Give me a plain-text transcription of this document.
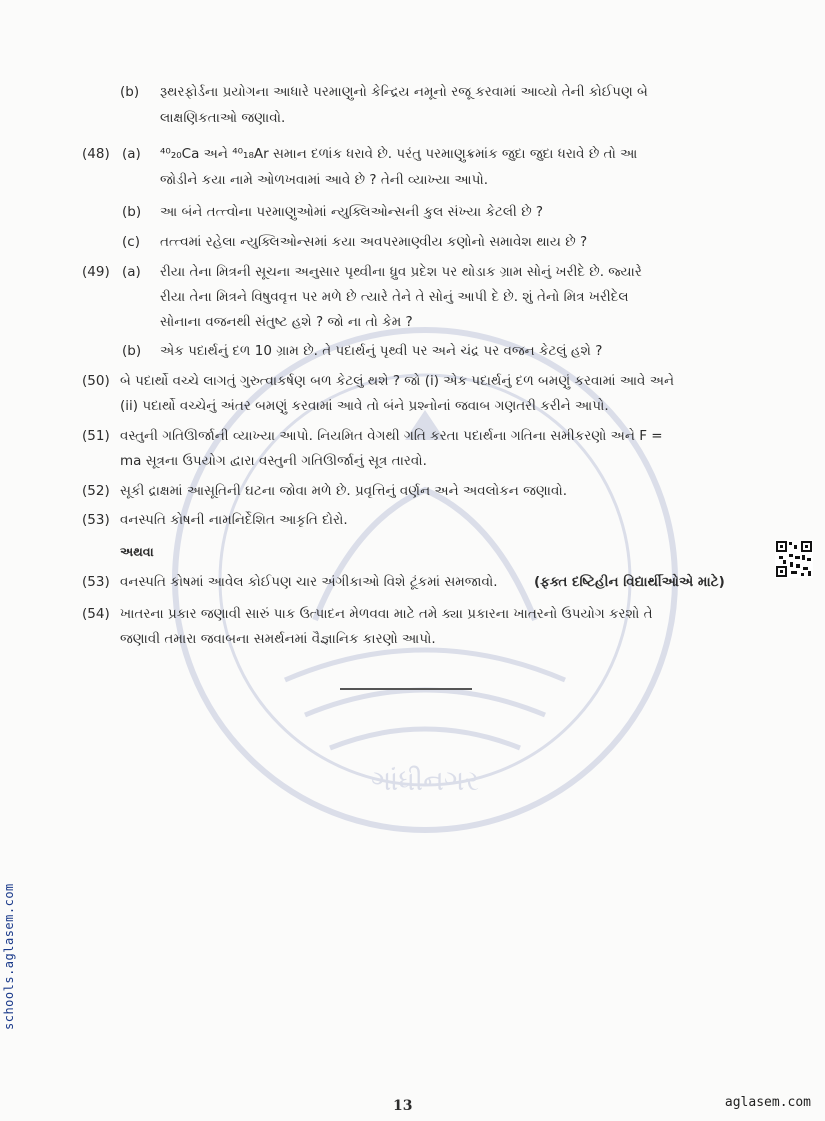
ગાંધીનગર
(b) રૂથરફોર્ડના પ્રયોગના આધારે પરમાણુનો કેન્દ્રિય નમૂનો રજૂ કરવામાં આવ્યો તેની કોઈપણ બે
લાક્ષણિકતાઓ જણાવો.
(48) (a) ⁴⁰₂₀Ca અને ⁴⁰₁₈Ar સમાન દળાંક ધરાવે છે. પરંતુ પરમાણુક્રમાંક જુદા જુદા ધરાવે છે તો આ
જોડીને કયા નામે ઓળખવામાં આવે છે ? તેની વ્યાખ્યા આપો.
(b) આ બંને તત્ત્વોના પરમાણુઓમાં ન્યુક્લિઓન્સની કુલ સંખ્યા કેટલી છે ?
(c) તત્ત્વમાં રહેલા ન્યુક્લિઓન્સમાં કયા અવપરમાણ્વીય કણોનો સમાવેશ થાય છે ?
(49) (a) રીયા તેના મિત્રની સૂચના અનુસાર પૃથ્વીના ધ્રુવ પ્રદેશ પર થોડાક ગ્રામ સોનું ખરીદે છે. જ્યારે
રીયા તેના મિત્રને વિષુવવૃત્ત પર મળે છે ત્યારે તેને તે સોનું આપી દે છે. શું તેનો મિત્ર ખરીદેલ
સોનાના વજનથી સંતુષ્ટ હશે ? જો ના તો કેમ ?
(b) એક પદાર્થનું દળ 10 ગ્રામ છે. તે પદાર્થનું પૃથ્વી પર અને ચંદ્ર પર વજન કેટલું હશે ?
(50) બે પદાર્થો વચ્ચે લાગતું ગુરુત્વાકર્ષણ બળ કેટલું થશે ? જો (i) એક પદાર્થનું દળ બમણું કરવામાં આવે અને
(ii) પદાર્થો વચ્ચેનું અંતર બમણું કરવામાં આવે તો બંને પ્રશ્નોનાં જવાબ ગણતરી કરીને આપો.
(51) વસ્તુની ગતિઊર્જાની વ્યાખ્યા આપો. નિયમિત વેગથી ગતિ કરતા પદાર્થના ગતિના સમીકરણો અને F =
ma સૂત્રના ઉપયોગ દ્વારા વસ્તુની ગતિઊર્જાનું સૂત્ર તારવો.
(52) સૂકી દ્રાક્ષમાં આસૂતિની ઘટના જોવા મળે છે. પ્રવૃત્તિનું વર્ણન અને અવલોકન જણાવો.
(53) વનસ્પતિ કોષની નામનિર્દેશિત આકૃતિ દોરો.
અથવા
(53) વનસ્પતિ કોષમાં આવેલ કોઈપણ ચાર અંગીકાઓ વિશે ટૂંકમાં સમજાવો.	(ફક્ત દષ્ટિહીન વિદ્યાર્થીઓએ માટે)
(54) ખાતરના પ્રકાર જણાવી સારું પાક ઉત્પાદન મેળવવા માટે તમે ક્યા પ્રકારના ખાતરનો ઉપયોગ કરશો તે
જણાવી તમારા જવાબના સમર્થનમાં વૈજ્ઞાનિક કારણો આપો.
13
schools.aglasem.com
aglasem.com
